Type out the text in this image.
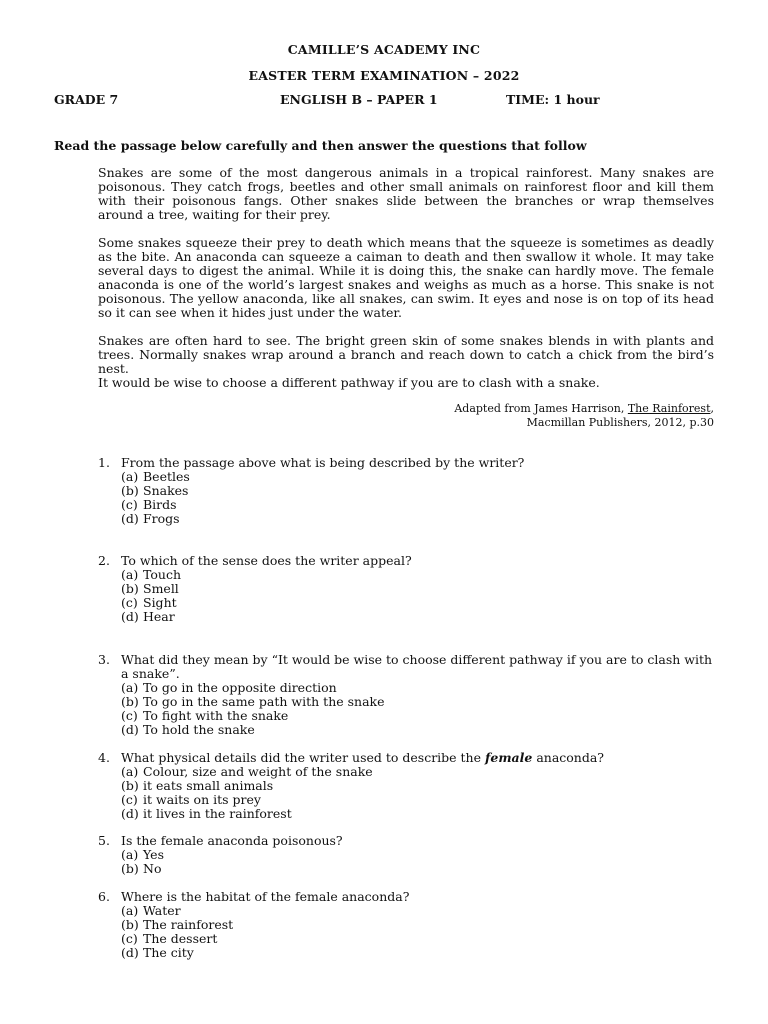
CAMILLE’S ACADEMY INC
EASTER TERM EXAMINATION – 2022
GRADE 7	ENGLISH B – PAPER 1	TIME: 1 hour
Read the passage below carefully and then answer the questions that follow
Snakes are some of the most dangerous animals in a tropical rainforest. Many snakes are poisonous. They catch frogs, beetles and other small animals on rainforest floor and kill them with their poisonous fangs. Other snakes slide between the branches or wrap themselves around a tree, waiting for their prey.
Some snakes squeeze their prey to death which means that the squeeze is sometimes as deadly as the bite. An anaconda can squeeze a caiman to death and then swallow it whole. It may take several days to digest the animal. While it is doing this, the snake can hardly move. The female anaconda is one of the world’s largest snakes and weighs as much as a horse. This snake is not poisonous. The yellow anaconda, like all snakes, can swim. It eyes and nose is on top of its head so it can see when it hides just under the water.
Snakes are often hard to see. The bright green skin of some snakes blends in with plants and trees. Normally snakes wrap around a branch and reach down to catch a chick from the bird’s nest.
It would be wise to choose a different pathway if you are to clash with a snake.
Adapted from James Harrison, The Rainforest,
Macmillan Publishers, 2012, p.30
1. From the passage above what is being described by the writer?
(a) Beetles
(b) Snakes
(c) Birds
(d) Frogs
2. To which of the sense does the writer appeal?
(a) Touch
(b) Smell
(c) Sight
(d) Hear
3. What did they mean by “It would be wise to choose different pathway if you are to clash with a snake”.
(a) To go in the opposite direction
(b) To go in the same path with the snake
(c) To fight with the snake
(d) To hold the snake
4. What physical details did the writer used to describe the female anaconda?
(a) Colour, size and weight of the snake
(b) it eats small animals
(c) it waits on its prey
(d) it lives in the rainforest
5. Is the female anaconda poisonous?
(a) Yes
(b) No
6. Where is the habitat of the female anaconda?
(a) Water
(b) The rainforest
(c) The dessert
(d) The city
